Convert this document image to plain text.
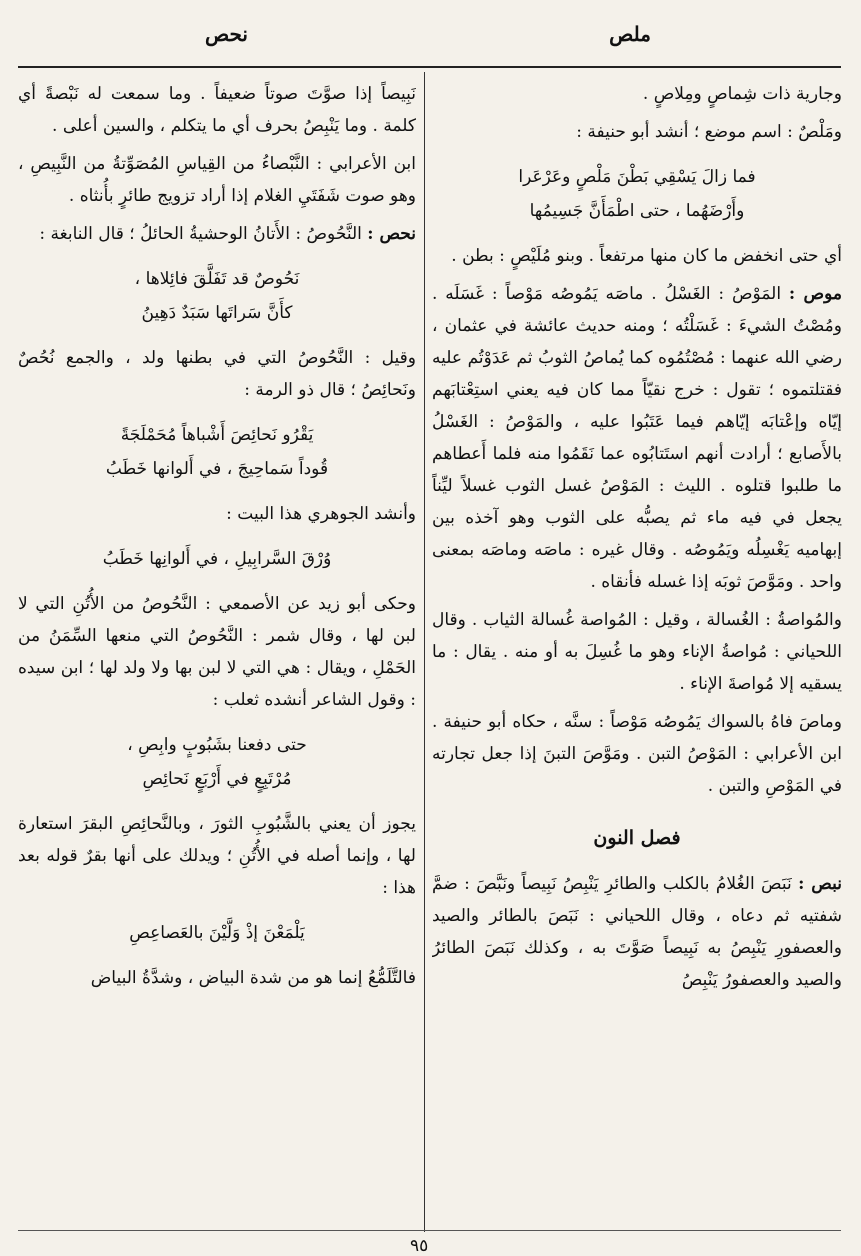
ملص
نحص

وجارية ذات شِماصٍ ومِلاصٍ .

ومَلْصٌ : اسم موضع ؛ أنشد أبو حنيفة :

فما زالَ يَسْقِي بَطْنَ مَلْصٍ وعَرْعَرا
وأَرْضَهُما ، حتى اطْمَأَنَّ جَسِيمُها

أي حتى انخفض ما كان منها مرتفعاً . وبنو مُلَيْصٍ : بطن .

موص : المَوْصُ : الغَسْلُ . ماصَه يَمُوصُه مَوْصاً : غَسَلَه . ومُصْتُ الشيءَ : غَسَلْتُه ؛ ومنه حديث عائشة في عثمان ، رضي الله عنهما : مُصْتُمُوه كما يُماصُ الثوبُ ثم عَدَوْتُم عليه فقتلتموه ؛ تقول : خرج نقيّاً مما كان فيه يعني استِعْتابَهم إيّاه وإعْتابَه إيّاهم فيما عَتَبُوا عليه ، والمَوْصُ : الغَسْلُ بالأَصابع ؛ أرادت أنهم استَتابُوه عما نَقَمُوا منه فلما أَعطاهم ما طلبوا قتلوه . الليث : المَوْصُ غسل الثوب غسلاً ليِّناً يجعل في فيه ماء ثم يصبُّه على الثوب وهو آخذه بين إبهاميه يَغْسِلُه ويَمُوصُه . وقال غيره : ماصَه وماصَه بمعنى واحد . ومَوَّصَ ثوبَه إذا غسله فأنقاه .

والمُواصةُ : الغُسالة ، وقيل : المُواصة غُسالة الثياب . وقال اللحياني : مُواصةُ الإناء وهو ما غُسِلَ به أو منه . يقال : ما يسقيه إلا مُواصةَ الإناء .

وماصَ فاهُ بالسواك يَمُوصُه مَوْصاً : سنَّه ، حكاه أبو حنيفة . ابن الأعرابي : المَوْصُ التبن . ومَوَّصَ التبنَ إذا جعل تجارته في المَوْصِ والتبن .

فصل النون

نبص : نَبَصَ الغُلامُ بالكلب والطائرِ يَنْبِصُ نَبِيصاً ونَبَّصَ : ضمَّ شفتيه ثم دعاه ، وقال اللحياني : نَبَصَ بالطائر والصيد والعصفورِ يَنْبِصُ به نَبِيصاً صَوَّتَ به ، وكذلك نَبَصَ الطائرُ والصيد والعصفورُ يَنْبِصُ

نَبِيصاً إذا صوَّتَ صوتاً ضعيفاً . وما سمعت له نَبْصةً أي كلمة . وما يَنْبِصُ بحرف أي ما يتكلم ، والسين أعلى .

ابن الأعرابي : النَّبْصاءُ من القِياسِ المُصَوِّتةُ من النَّبِيصِ ، وهو صوت شَفَتَيِ الغلام إذا أراد تزويج طائرٍ بأُنثاه .

نحص : النَّحُوصُ : الأَتانُ الوحشيةُ الحائلُ ؛ قال النابغة :

نَحُوصٌ قد تَفَلَّقَ فائِلاها ،
كأَنَّ سَراتَها سَبَدٌ دَهِينُ

وقيل : النَّحُوصُ التي في بطنها ولد ، والجمع نُحُصٌ ونَحائِصُ ؛ قال ذو الرمة :

يَقْرُو نَحائِصَ أَشْباهاً مُحَمْلَجَةً
قُوداً سَماحِيجَ ، في أَلوانها خَطَبُ

وأنشد الجوهري هذا البيت :

وُرْقَ السَّرابِيلِ ، في أَلوانِها خَطَبُ

وحكى أبو زيد عن الأصمعي : النَّحُوصُ من الأُتُنِ التي لا لبن لها ، وقال شمر : النَّحُوصُ التي منعها السِّمَنُ من الحَمْلِ ، ويقال : هي التي لا لبن بها ولا ولد لها ؛ ابن سيده : وقول الشاعر أنشده ثعلب :

حتى دفعنا بشَبُوبٍ وابِصِ ،
مُرْتَبِعٍ في أَرْبَعٍ نَحائِصِ

يجوز أن يعني بالشَّبُوبِ الثورَ ، وبالنَّحائِصِ البقرَ استعارة لها ، وإنما أصله في الأُتُنِ ؛ ويدلك على أنها بقرٌ قوله بعد هذا :

يَلْمَعْنَ إذْ وَلَّيْنَ بالعَصاعِصِ

فالتَّلَمُّعُ إنما هو من شدة البياض ، وشدَّةُ البياض

٩٥
